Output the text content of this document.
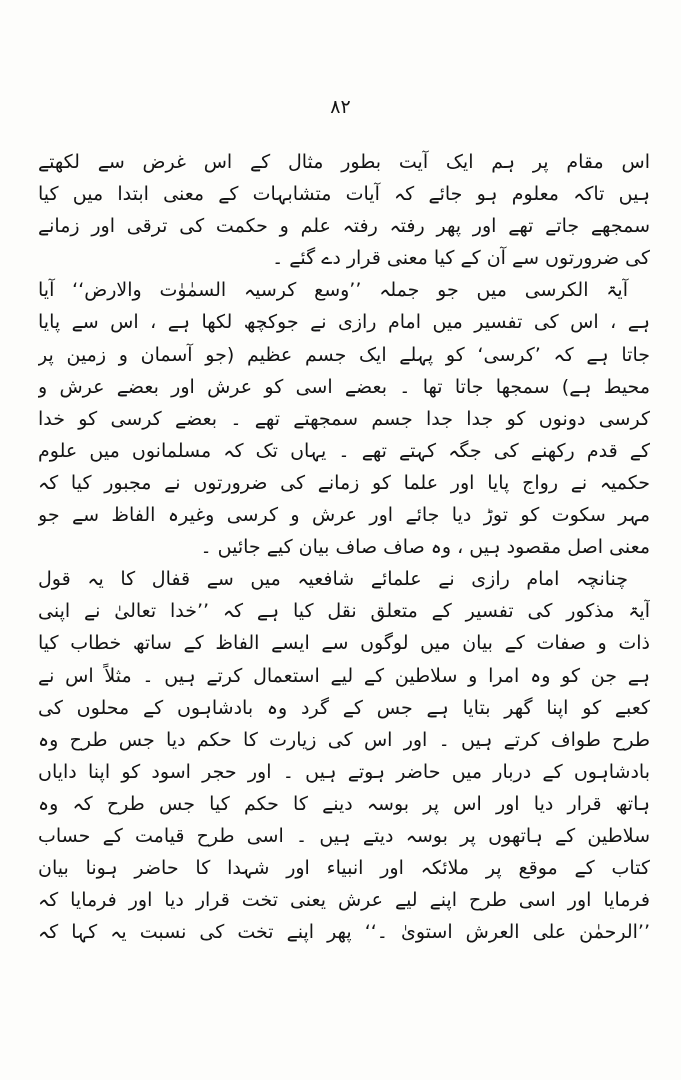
۸۲
اس مقام پر ہم ایک آیت بطور مثال کے اس غرض سے لکھتے
ہیں تاکہ معلوم ہو جائے کہ آیات متشابہات کے معنی ابتدا میں کیا
سمجھے جاتے تھے اور پھر رفتہ رفتہ علم و حکمت کی ترقی اور زمانے
کی ضرورتوں سے آن کے کیا معنی قرار دے گئے ۔
آیۃ الکرسی میں جو جملہ ’’وسع کرسیہ السمٰوٰت والارض‘‘ آیا
ہے ، اس کی تفسیر میں امام رازی نے جوکچھ لکھا ہے ، اس سے پایا
جاتا ہے کہ ’کرسی‘ کو پہلے ایک جسم عظیم (جو آسمان و زمین پر
محیط ہے) سمجھا جاتا تھا ۔ بعضے اسی کو عرش اور بعضے عرش و
کرسی دونوں کو جدا جدا جسم سمجھتے تھے ۔ بعضے کرسی کو خدا
کے قدم رکھنے کی جگہ کہتے تھے ۔ یہاں تک کہ مسلمانوں میں علوم
حکمیہ نے رواج پایا اور علما کو زمانے کی ضرورتوں نے مجبور کیا کہ
مہر سکوت کو توڑ دیا جائے اور عرش و کرسی وغیرہ الفاظ سے جو
معنی اصل مقصود ہیں ، وہ صاف صاف بیان کیے جائیں ۔
چنانچہ امام رازی نے علمائے شافعیہ میں سے قفال کا یہ قول
آیۃ مذکور کی تفسیر کے متعلق نقل کیا ہے کہ ’’خدا تعالیٰ نے اپنی
ذات و صفات کے بیان میں لوگوں سے ایسے الفاظ کے ساتھ خطاب کیا
ہے جن کو وہ امرا و سلاطین کے لیے استعمال کرتے ہیں ۔ مثلاً اس نے
کعبے کو اپنا گھر بتایا ہے جس کے گرد وہ بادشاہوں کے محلوں کی
طرح طواف کرتے ہیں ۔ اور اس کی زیارت کا حکم دیا جس طرح وہ
بادشاہوں کے دربار میں حاضر ہوتے ہیں ۔ اور حجر اسود کو اپنا دایاں
ہاتھ قرار دیا اور اس پر بوسہ دینے کا حکم کیا جس طرح کہ وہ
سلاطین کے ہاتھوں پر بوسہ دیتے ہیں ۔ اسی طرح قیامت کے حساب
کتاب کے موقع پر ملائکہ اور انبیاء اور شہدا کا حاضر ہونا بیان
فرمایا اور اسی طرح اپنے لیے عرش یعنی تخت قرار دیا اور فرمایا کہ
’’الرحمٰن علی العرش استویٰ ۔‘‘ پھر اپنے تخت کی نسبت یہ کہا کہ
